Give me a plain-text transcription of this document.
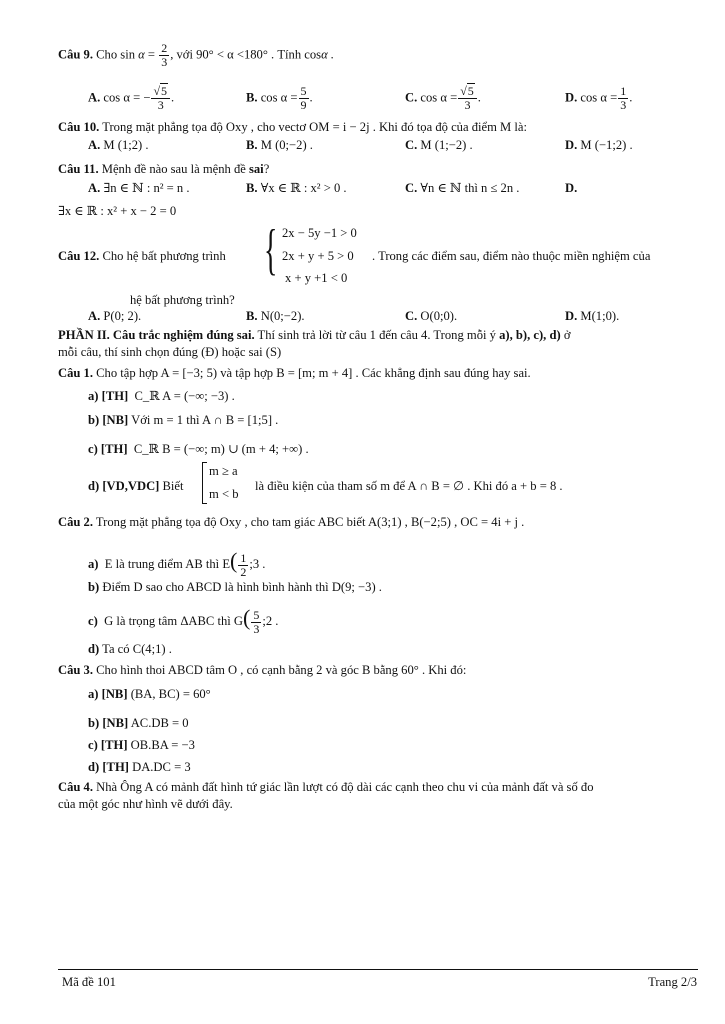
Câu 9. Cho $\sin \alpha = \frac{2}{3}$ , với 90° < α <180° . Tính cosα .
A. cos α = − $\frac{√5}{3}$ .	B. $\cos \alpha = \frac{5}{9}$ .	C. $\cos \alpha = \frac{√5}{3}$ .	D. $\cos \alpha = \frac{1}{3}$ .
Câu 10. Trong mặt phẳng tọa độ Oxy , cho vectơ OM = i − 2j . Khi đó tọa độ của điểm M là:
A. M (1;2) .	B. M (0;−2) .	C. M (1;−2) .	D. M (−1;2) .
Câu 11. Mệnh đề nào sau là mệnh đề sai?
A. ∃n ∈ ℕ : n² = n .	B. ∀x ∈ ℝ : x² > 0 .	C. ∀n ∈ ℕ thì n ≤ 2n .	D.
∃x ∈ ℝ : x² + x − 2 = 0
Câu 12. Cho hệ bất phương trình { 2x − 5y −1 > 0
2x + y + 5 > 0
x + y +1 < 0
. Trong các điểm sau, điểm nào thuộc miền nghiệm của
hệ bất phương trình?
A. P(0; 2).	B. N(0;−2).	C. O(0;0).	D. M(1;0).
PHẦN II. Câu trắc nghiệm đúng sai. Thí sinh trả lời từ câu 1 đến câu 4. Trong mỗi ý a), b), c), d) ở
mỗi câu, thí sinh chọn đúng (Đ) hoặc sai (S)
Câu 1. Cho tập hợp A = [−3; 5) và tập hợp B = [m; m + 4] . Các khẳng định sau đúng hay sai.
a) [TH] C_ℝ A = (−∞; −3) .
b) [NB] Với m = 1 thì A ∩ B = [1;5] .
c) [TH] C_ℝ B = (−∞; m) ∪ (m + 4; +∞) .
d) [VD,VDC] Biết
m ≥ a
m < b
là điều kiện của tham số m để A ∩ B = ∅ . Khi đó a + b = 8 .
Câu 2. Trong mặt phẳng tọa độ Oxy , cho tam giác ABC biết A(3;1) , B(−2;5) , OC = 4i + j .
a) E là trung điểm AB thì $E( \frac{1}{2}$ ;3 .
b) Điểm D sao cho ABCD là hình bình hành thì D(9; −3) .
c) G là trọng tâm ΔABC thì $G( \frac{5}{3}$ ;2 .
d) Ta có C(4;1) .
Câu 3. Cho hình thoi ABCD tâm O , có cạnh bằng 2 và góc B bằng 60° . Khi đó:
a) [NB] (BA, BC) = 60°
b) [NB] AC.DB = 0
c) [TH] OB.BA = −3
d) [TH] DA.DC = 3
Câu 4. Nhà Ông A có mảnh đất hình tứ giác lần lượt có độ dài các cạnh theo chu vi của mảnh đất và số đo
của một góc như hình vẽ dưới đây.
Mã đề 101	Trang 2/3
